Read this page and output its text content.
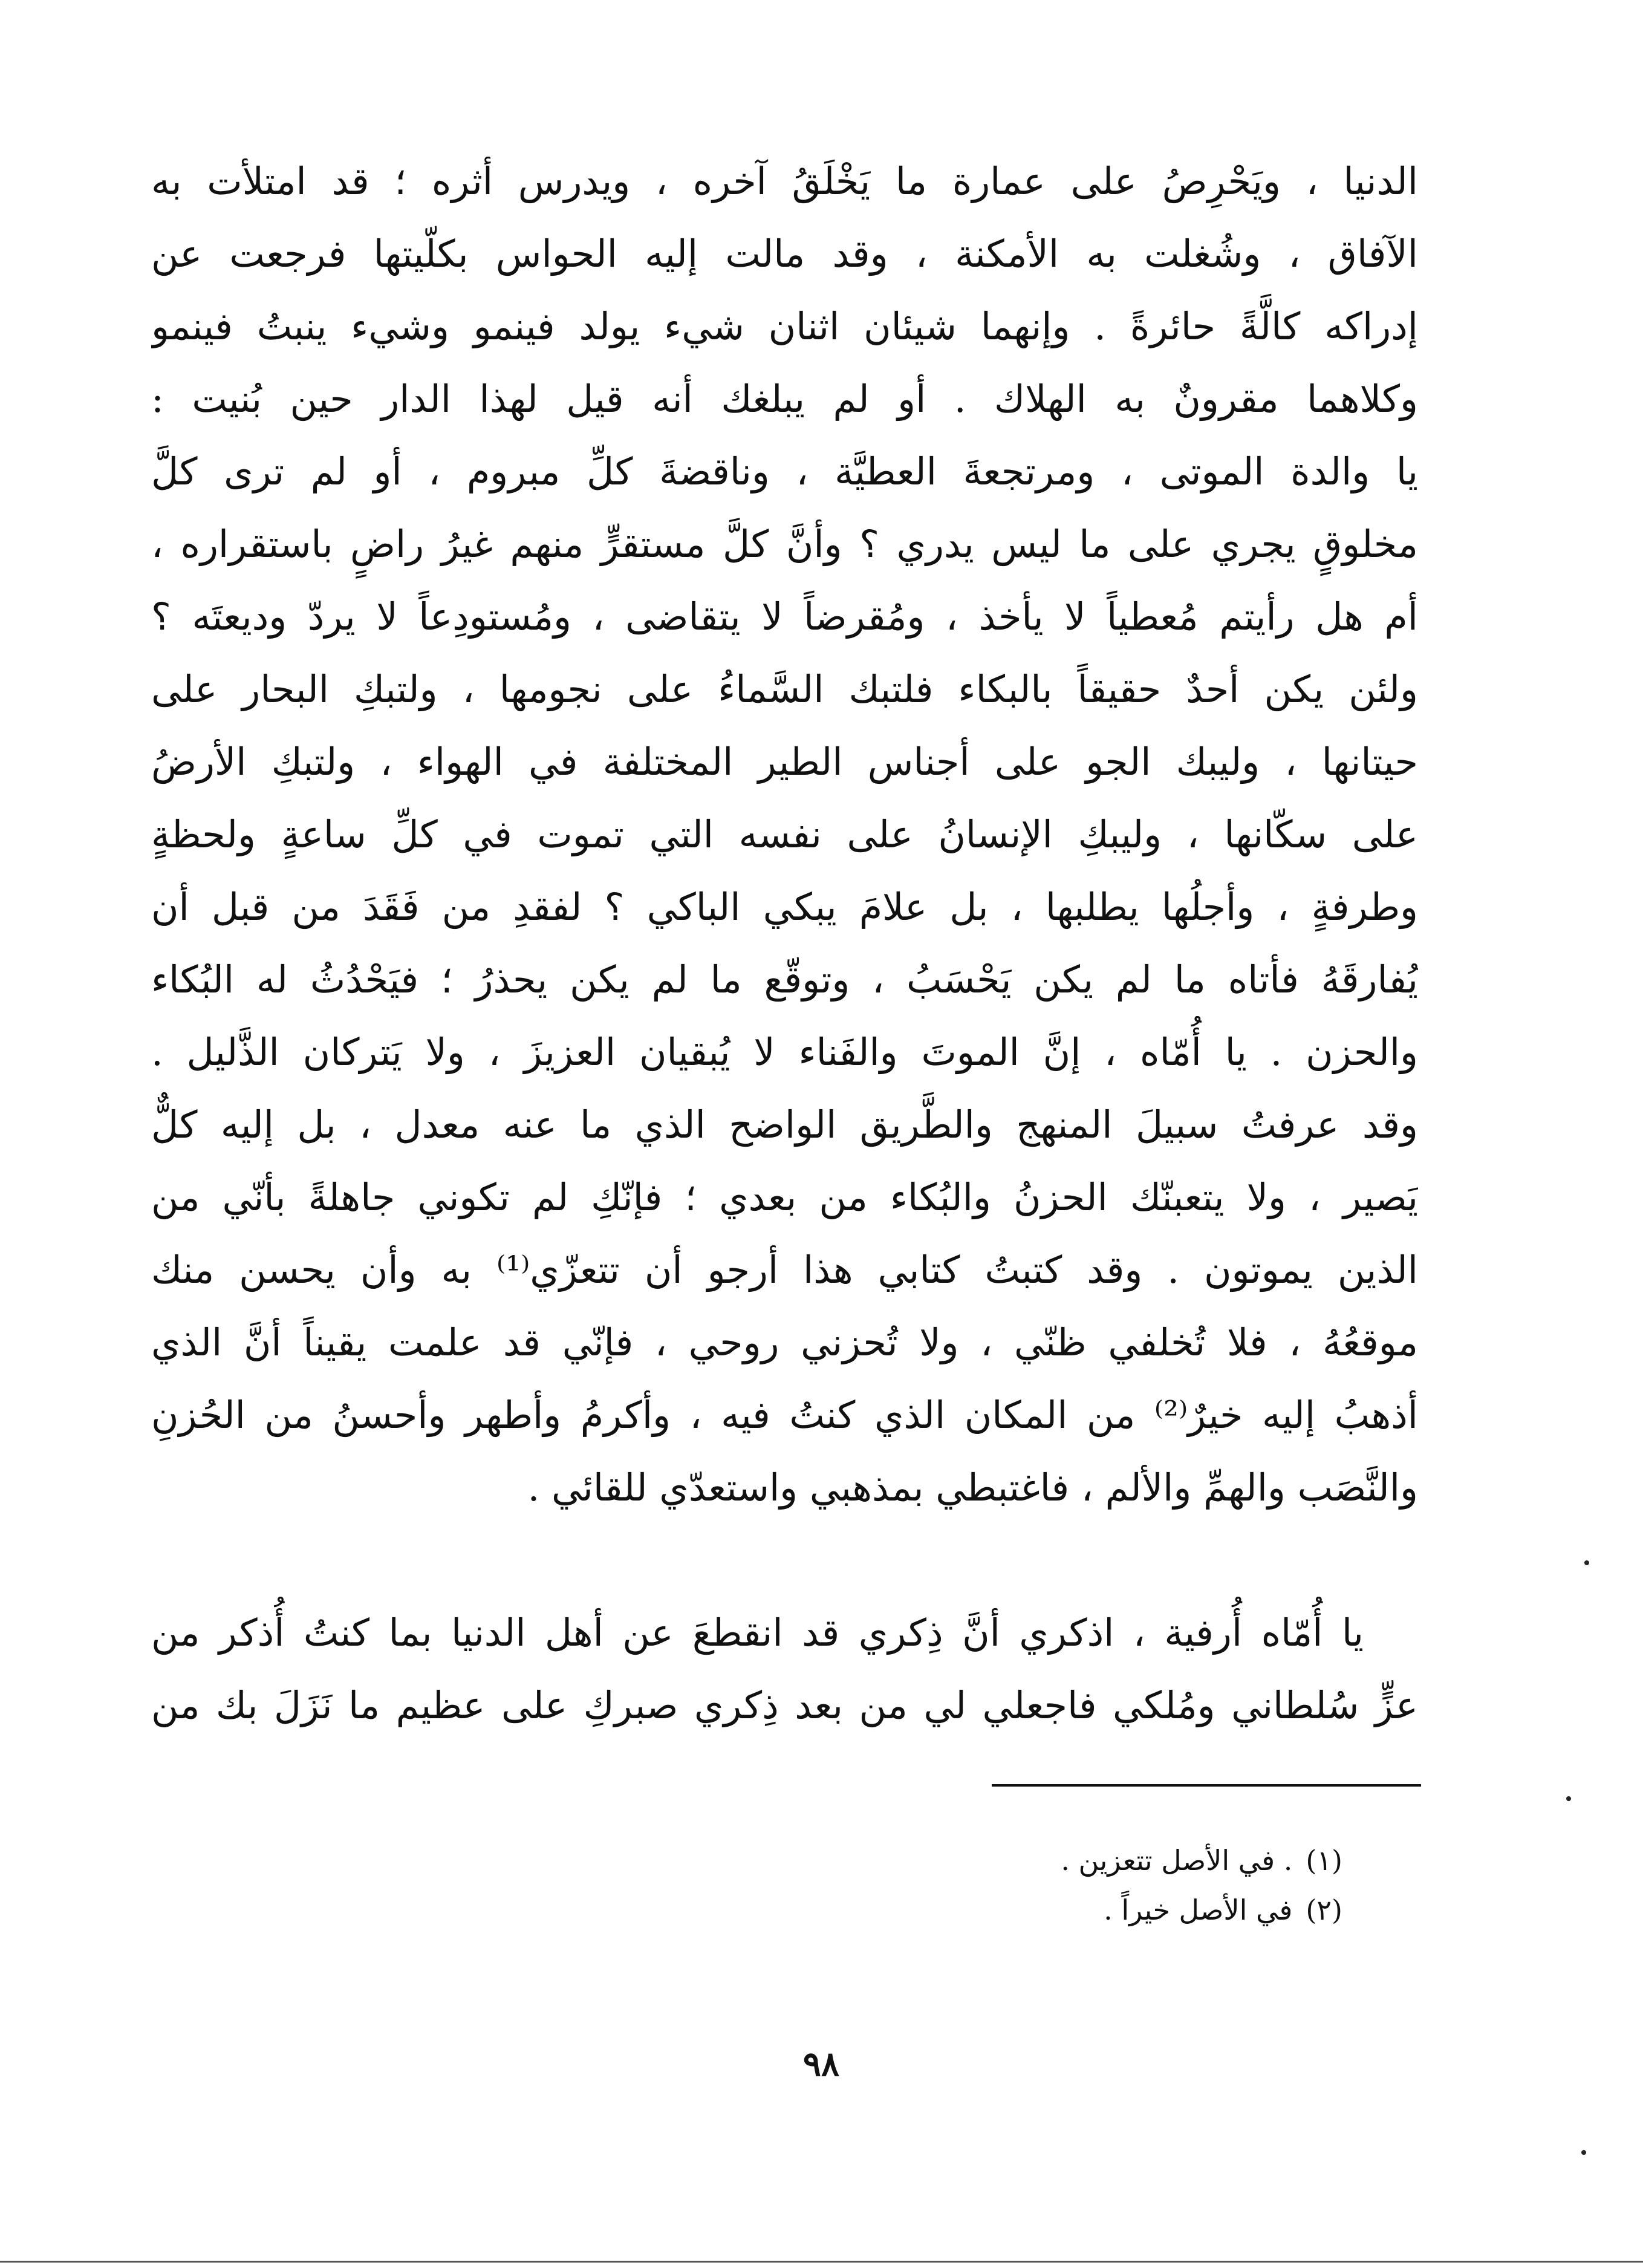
الدنيا ، ويَحْرِصُ على عمارة ما يَخْلَقُ آخره ، ويدرس أثره ؛ قد امتلأت به
الآفاق ، وشُغلت به الأمكنة ، وقد مالت إليه الحواس بكلّيتها فرجعت عن
إدراكه كالَّةً حائرةً . وإنهما شيئان اثنان شيء يولد فينمو وشيء ينبتُ فينمو
وكلاهما مقرونٌ به الهلاك . أو لم يبلغك أنه قيل لهذا الدار حين بُنيت :
يا والدة الموتى ، ومرتجعةَ العطيَّة ، وناقضةَ كلِّ مبروم ، أو لم ترى كلَّ
مخلوقٍ يجري على ما ليس يدري ؟ وأنَّ كلَّ مستقرٍّ منهم غيرُ راضٍ باستقراره ،
أم هل رأيتم مُعطياً لا يأخذ ، ومُقرضاً لا يتقاضى ، ومُستودِعاً لا يردّ وديعتَه ؟
ولئن يكن أحدٌ حقيقاً بالبكاء فلتبك السَّماءُ على نجومها ، ولتبكِ البحار على
حيتانها ، وليبك الجو على أجناس الطير المختلفة في الهواء ، ولتبكِ الأرضُ
على سكّانها ، وليبكِ الإنسانُ على نفسه التي تموت في كلِّ ساعةٍ ولحظةٍ
وطرفةٍ ، وأجلُها يطلبها ، بل علامَ يبكي الباكي ؟ لفقدِ من فَقَدَ من قبل أن
يُفارقَهُ فأتاه ما لم يكن يَحْسَبُ ، وتوقّع ما لم يكن يحذرُ ؛ فيَحْدُثُ له البُكاء
والحزن . يا أُمّاه ، إنَّ الموتَ والفَناء لا يُبقيان العزيزَ ، ولا يَتركان الذَّليل .
وقد عرفتُ سبيلَ المنهج والطَّريق الواضح الذي ما عنه معدل ، بل إليه كلٌّ
يَصير ، ولا يتعبنّك الحزنُ والبُكاء من بعدي ؛ فإنّكِ لم تكوني جاهلةً بأنّي من
الذين يموتون . وقد كتبتُ كتابي هذا أرجو أن تتعزّي⁽¹⁾ به وأن يحسن منك
موقعُهُ ، فلا تُخلفي ظنّي ، ولا تُحزني روحي ، فإنّي قد علمت يقيناً أنَّ الذي
أذهبُ إليه خيرٌ⁽²⁾ من المكان الذي كنتُ فيه ، وأكرمُ وأطهر وأحسنُ من الحُزنِ
والنَّصَب والهمِّ والألم ، فاغتبطي بمذهبي واستعدّي للقائي .
يا أُمّاه أُرفية ، اذكري أنَّ ذِكري قد انقطعَ عن أهل الدنيا بما كنتُ أُذكر من
عزٍّ سُلطاني ومُلكي فاجعلي لي من بعد ذِكري صبركِ على عظيم ما نَزَلَ بك من
(١). في الأصل تتعزين .
(٢)في الأصل خيراً .
٩٨
